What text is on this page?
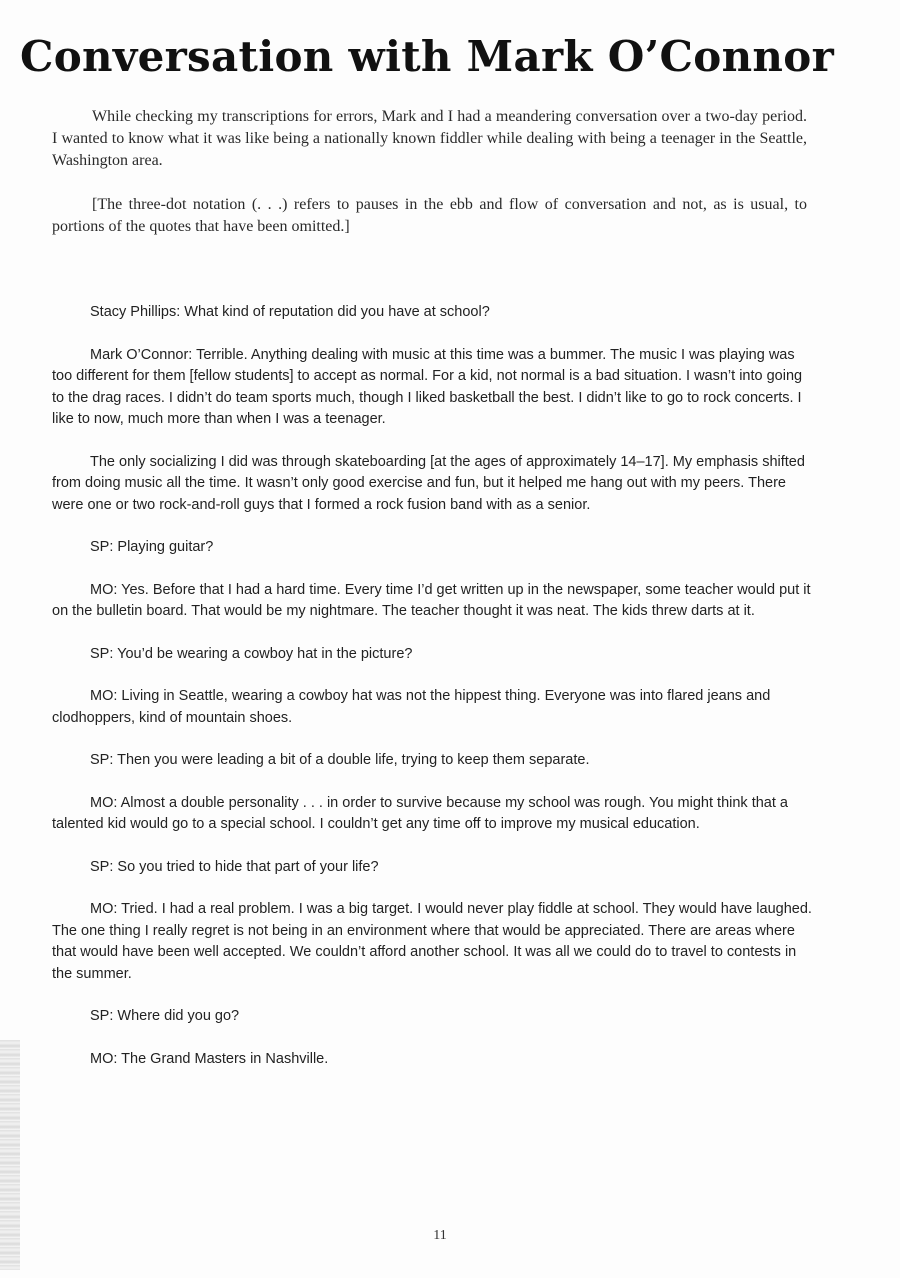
Conversation with Mark O’Connor

While checking my transcriptions for errors, Mark and I had a meandering conversation over a two-day period. I wanted to know what it was like being a nationally known fiddler while dealing with being a teenager in the Seattle, Washington area.

[The three-dot notation (. . .) refers to pauses in the ebb and flow of conversation and not, as is usual, to portions of the quotes that have been omitted.]

Stacy Phillips: What kind of reputation did you have at school?

Mark O’Connor: Terrible. Anything dealing with music at this time was a bummer. The music I was playing was too different for them [fellow students] to accept as normal. For a kid, not normal is a bad situation. I wasn’t into going to the drag races. I didn’t do team sports much, though I liked basketball the best. I didn’t like to go to rock concerts. I like to now, much more than when I was a teenager.

The only socializing I did was through skateboarding [at the ages of approximately 14–17]. My emphasis shifted from doing music all the time. It wasn’t only good exercise and fun, but it helped me hang out with my peers. There were one or two rock-and-roll guys that I formed a rock fusion band with as a senior.

SP: Playing guitar?

MO: Yes. Before that I had a hard time. Every time I’d get written up in the newspaper, some teacher would put it on the bulletin board. That would be my nightmare. The teacher thought it was neat. The kids threw darts at it.

SP: You’d be wearing a cowboy hat in the picture?

MO: Living in Seattle, wearing a cowboy hat was not the hippest thing. Everyone was into flared jeans and clodhoppers, kind of mountain shoes.

SP: Then you were leading a bit of a double life, trying to keep them separate.

MO: Almost a double personality . . . in order to survive because my school was rough. You might think that a talented kid would go to a special school. I couldn’t get any time off to improve my musical education.

SP: So you tried to hide that part of your life?

MO: Tried. I had a real problem. I was a big target. I would never play fiddle at school. They would have laughed. The one thing I really regret is not being in an environment where that would be appreciated. There are areas where that would have been well accepted. We couldn’t afford another school. It was all we could do to travel to contests in the summer.

SP: Where did you go?

MO: The Grand Masters in Nashville.

11
